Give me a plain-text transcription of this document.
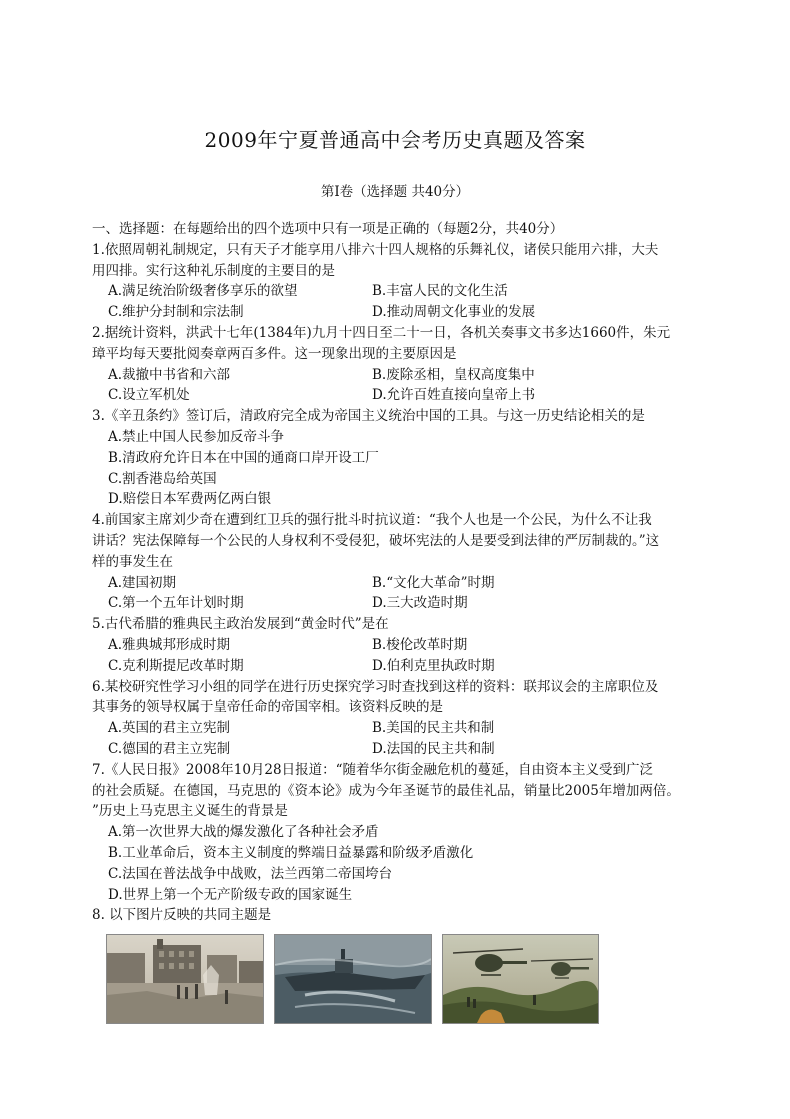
2009年宁夏普通高中会考历史真题及答案
第I卷（选择题 共40分）
一、选择题：在每题给出的四个选项中只有一项是正确的（每题2分，共40分）
1.依照周朝礼制规定，只有天子才能享用八排六十四人规格的乐舞礼仪，诸侯只能用六排，大夫
用四排。实行这种礼乐制度的主要目的是
A.满足统治阶级奢侈享乐的欲望	B.丰富人民的文化生活
C.维护分封制和宗法制	D.推动周朝文化事业的发展
2.据统计资料，洪武十七年(1384年)九月十四日至二十一日，各机关奏事文书多达1660件，朱元
璋平均每天要批阅奏章两百多件。这一现象出现的主要原因是
A.裁撤中书省和六部	B.废除丞相，皇权高度集中
C.设立军机处	D.允许百姓直接向皇帝上书
3.《辛丑条约》签订后，清政府完全成为帝国主义统治中国的工具。与这一历史结论相关的是
A.禁止中国人民参加反帝斗争
B.清政府允许日本在中国的通商口岸开设工厂
C.割香港岛给英国
D.赔偿日本军费两亿两白银
4.前国家主席刘少奇在遭到红卫兵的强行批斗时抗议道：“我个人也是一个公民，为什么不让我
讲话？宪法保障每一个公民的人身权利不受侵犯，破坏宪法的人是要受到法律的严厉制裁的。”这
样的事发生在
A.建国初期	B.“文化大革命”时期
C.第一个五年计划时期	D.三大改造时期
5.古代希腊的雅典民主政治发展到“黄金时代”是在
A.雅典城邦形成时期	B.梭伦改革时期
C.克利斯提尼改革时期	D.伯利克里执政时期
6.某校研究性学习小组的同学在进行历史探究学习时查找到这样的资料：联邦议会的主席职位及
其事务的领导权属于皇帝任命的帝国宰相。该资料反映的是
A.英国的君主立宪制	B.美国的民主共和制
C.德国的君主立宪制	D.法国的民主共和制
7.《人民日报》2008年10月28日报道：“随着华尔街金融危机的蔓延，自由资本主义受到广泛
的社会质疑。在德国，马克思的《资本论》成为今年圣诞节的最佳礼品，销量比2005年增加两倍。
”历史上马克思主义诞生的背景是
A.第一次世界大战的爆发激化了各种社会矛盾
B.工业革命后，资本主义制度的弊端日益暴露和阶级矛盾激化
C.法国在普法战争中战败，法兰西第二帝国垮台
D.世界上第一个无产阶级专政的国家诞生
8. 以下图片反映的共同主题是
